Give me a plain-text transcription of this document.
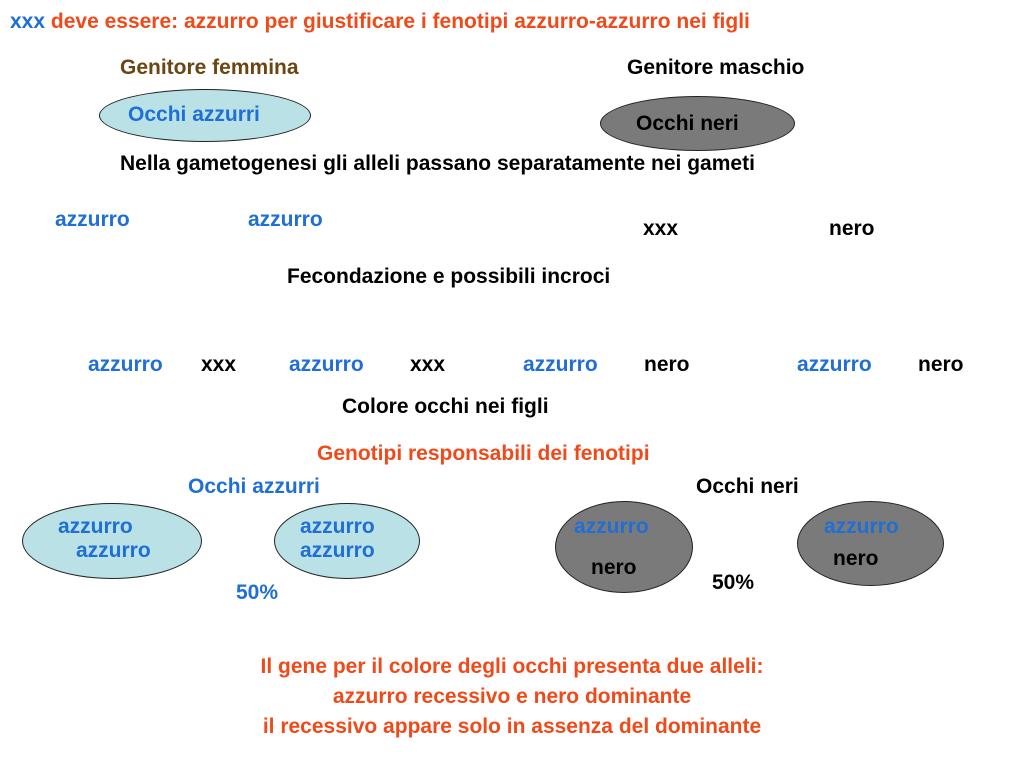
xxx deve essere: azzurro per giustificare i fenotipi azzurro-azzurro nei figli
Genitore femmina	Genitore maschio
Occhi azzurri	Occhi neri
Nella gametogenesi gli alleli passano separatamente nei gameti
azzurro	azzurro	xxx	nero
Fecondazione e possibili incroci
azzurro xxx	azzurro xxx	azzurro nero	azzurro nero
Colore occhi nei figli
Genotipi responsabili dei fenotipi
Occhi azzurri	Occhi neri
azzurro
azzurro
azzurro
azzurro
azzurro
nero
azzurro
nero
50%	50%
Il gene per il colore degli occhi presenta due alleli:
azzurro recessivo e nero dominante
il recessivo appare solo in assenza del dominante
